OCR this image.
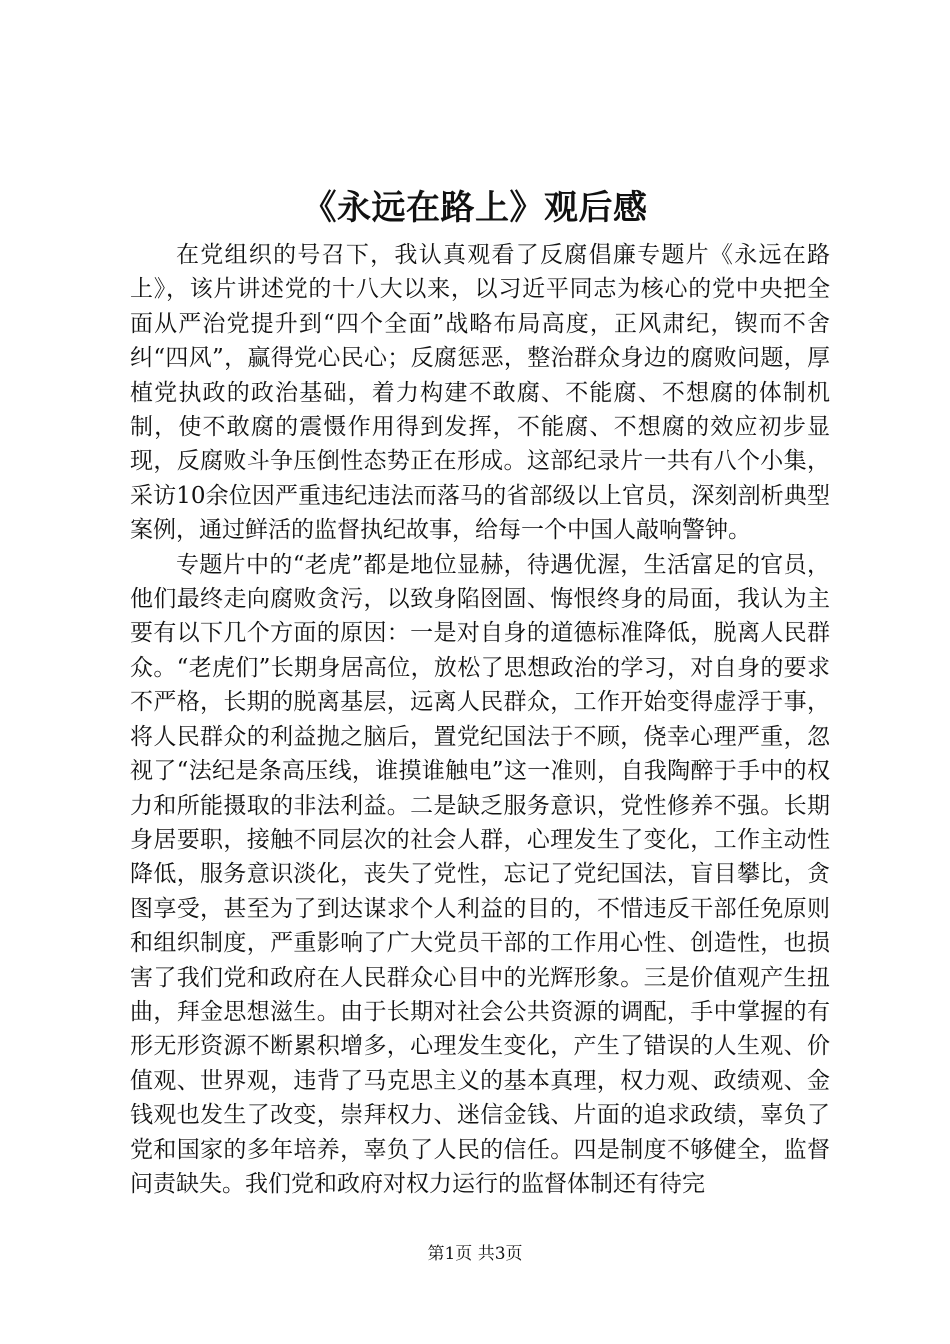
《永远在路上》观后感

在党组织的号召下，我认真观看了反腐倡廉专题片《永远在路上》，该片讲述党的十八大以来，以习近平同志为核心的党中央把全面从严治党提升到“四个全面”战略布局高度，正风肃纪，锲而不舍纠“四风”，赢得党心民心；反腐惩恶，整治群众身边的腐败问题，厚植党执政的政治基础，着力构建不敢腐、不能腐、不想腐的体制机制，使不敢腐的震慑作用得到发挥，不能腐、不想腐的效应初步显现，反腐败斗争压倒性态势正在形成。这部纪录片一共有八个小集，采访10余位因严重违纪违法而落马的省部级以上官员，深刻剖析典型案例，通过鲜活的监督执纪故事，给每一个中国人敲响警钟。

专题片中的“老虎”都是地位显赫，待遇优渥，生活富足的官员，他们最终走向腐败贪污，以致身陷囹圄、悔恨终身的局面，我认为主要有以下几个方面的原因：一是对自身的道德标准降低，脱离人民群众。“老虎们”长期身居高位，放松了思想政治的学习，对自身的要求不严格，长期的脱离基层，远离人民群众，工作开始变得虚浮于事，将人民群众的利益抛之脑后，置党纪国法于不顾，侥幸心理严重，忽视了“法纪是条高压线，谁摸谁触电”这一准则，自我陶醉于手中的权力和所能摄取的非法利益。二是缺乏服务意识，党性修养不强。长期身居要职，接触不同层次的社会人群，心理发生了变化，工作主动性降低，服务意识淡化，丧失了党性，忘记了党纪国法，盲目攀比，贪图享受，甚至为了到达谋求个人利益的目的，不惜违反干部任免原则和组织制度，严重影响了广大党员干部的工作用心性、创造性，也损害了我们党和政府在人民群众心目中的光辉形象。三是价值观产生扭曲，拜金思想滋生。由于长期对社会公共资源的调配，手中掌握的有形无形资源不断累积增多，心理发生变化，产生了错误的人生观、价值观、世界观，违背了马克思主义的基本真理，权力观、政绩观、金钱观也发生了改变，崇拜权力、迷信金钱、片面的追求政绩，辜负了党和国家的多年培养，辜负了人民的信任。四是制度不够健全，监督问责缺失。我们党和政府对权力运行的监督体制还有待完

第1页 共3页
